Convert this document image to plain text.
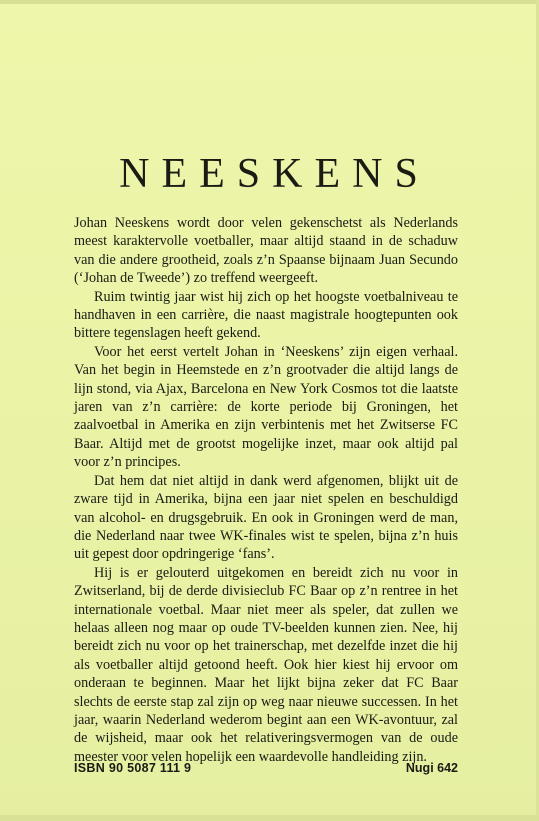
NEESKENS

Johan Neeskens wordt door velen gekenschetst als Nederlands meest karaktervolle voetballer, maar altijd staand in de schaduw van die andere grootheid, zoals z’n Spaanse bijnaam Juan Secundo (‘Johan de Tweede’) zo treffend weergeeft.

Ruim twintig jaar wist hij zich op het hoogste voetbalniveau te handhaven in een carrière, die naast magistrale hoogtepunten ook bittere tegenslagen heeft gekend.

Voor het eerst vertelt Johan in ‘Neeskens’ zijn eigen verhaal. Van het begin in Heemstede en z’n grootvader die altijd langs de lijn stond, via Ajax, Barcelona en New York Cosmos tot die laatste jaren van z’n carrière: de korte periode bij Groningen, het zaalvoetbal in Amerika en zijn verbintenis met het Zwitserse FC Baar. Altijd met de grootst mogelijke inzet, maar ook altijd pal voor z’n principes.

Dat hem dat niet altijd in dank werd afgenomen, blijkt uit de zware tijd in Amerika, bijna een jaar niet spelen en beschuldigd van alcohol- en drugsgebruik. En ook in Groningen werd de man, die Nederland naar twee WK-finales wist te spelen, bijna z’n huis uit gepest door opdringerige ‘fans’.

Hij is er gelouterd uitgekomen en bereidt zich nu voor in Zwitserland, bij de derde divisieclub FC Baar op z’n rentree in het internationale voetbal. Maar niet meer als speler, dat zullen we helaas alleen nog maar op oude TV-beelden kunnen zien. Nee, hij bereidt zich nu voor op het trainerschap, met dezelfde inzet die hij als voetballer altijd getoond heeft. Ook hier kiest hij ervoor om onderaan te beginnen. Maar het lijkt bijna zeker dat FC Baar slechts de eerste stap zal zijn op weg naar nieuwe successen. In het jaar, waarin Nederland wederom begint aan een WK-avontuur, zal de wijsheid, maar ook het relativeringsvermogen van de oude meester voor velen hopelijk een waardevolle handleiding zijn.

ISBN 90 5087 111 9	Nugi 642
